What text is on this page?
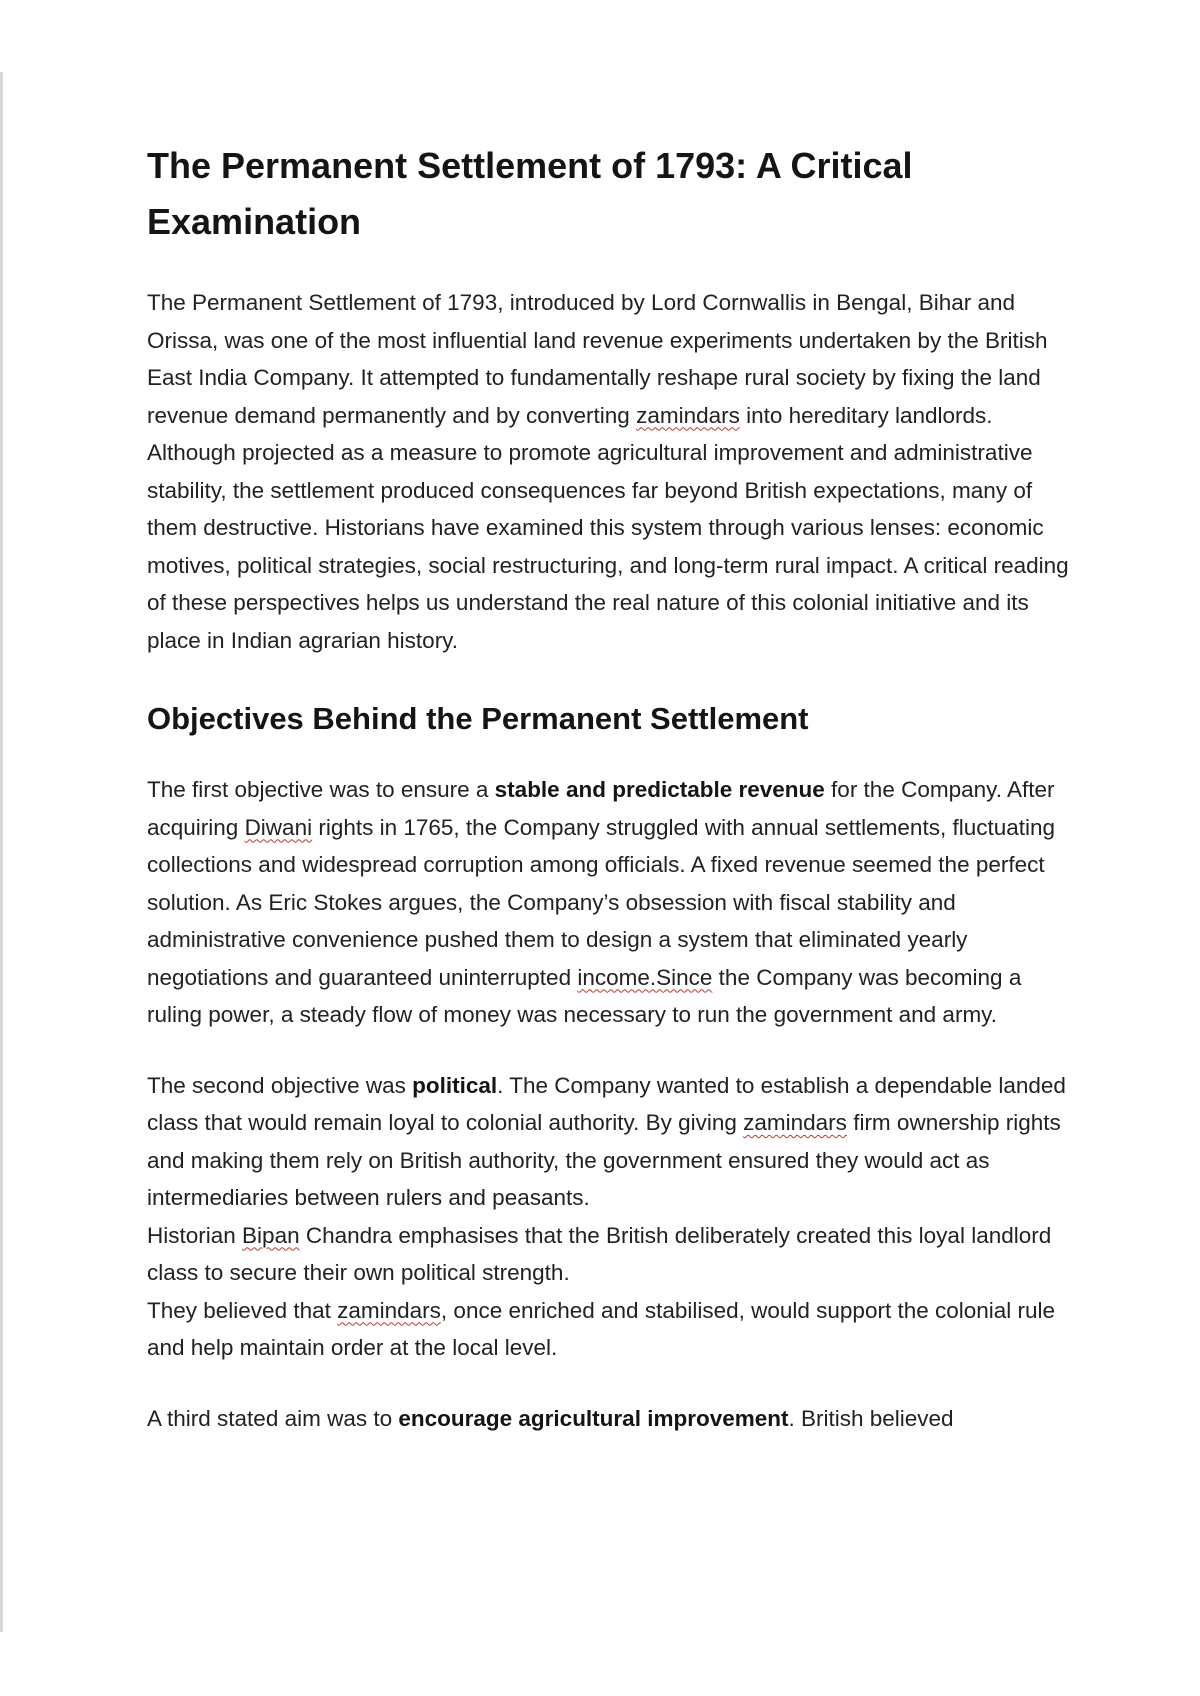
The Permanent Settlement of 1793: A Critical Examination

The Permanent Settlement of 1793, introduced by Lord Cornwallis in Bengal, Bihar and Orissa, was one of the most influential land revenue experiments undertaken by the British East India Company. It attempted to fundamentally reshape rural society by fixing the land revenue demand permanently and by converting zamindars into hereditary landlords. Although projected as a measure to promote agricultural improvement and administrative stability, the settlement produced consequences far beyond British expectations, many of them destructive. Historians have examined this system through various lenses: economic motives, political strategies, social restructuring, and long-term rural impact. A critical reading of these perspectives helps us understand the real nature of this colonial initiative and its place in Indian agrarian history.

Objectives Behind the Permanent Settlement

The first objective was to ensure a stable and predictable revenue for the Company. After acquiring Diwani rights in 1765, the Company struggled with annual settlements, fluctuating collections and widespread corruption among officials. A fixed revenue seemed the perfect solution. As Eric Stokes argues, the Company’s obsession with fiscal stability and administrative convenience pushed them to design a system that eliminated yearly negotiations and guaranteed uninterrupted income.Since the Company was becoming a ruling power, a steady flow of money was necessary to run the government and army.

The second objective was political. The Company wanted to establish a dependable landed class that would remain loyal to colonial authority. By giving zamindars firm ownership rights and making them rely on British authority, the government ensured they would act as intermediaries between rulers and peasants.
Historian Bipan Chandra emphasises that the British deliberately created this loyal landlord class to secure their own political strength.
They believed that zamindars, once enriched and stabilised, would support the colonial rule and help maintain order at the local level.

A third stated aim was to encourage agricultural improvement. British believed
